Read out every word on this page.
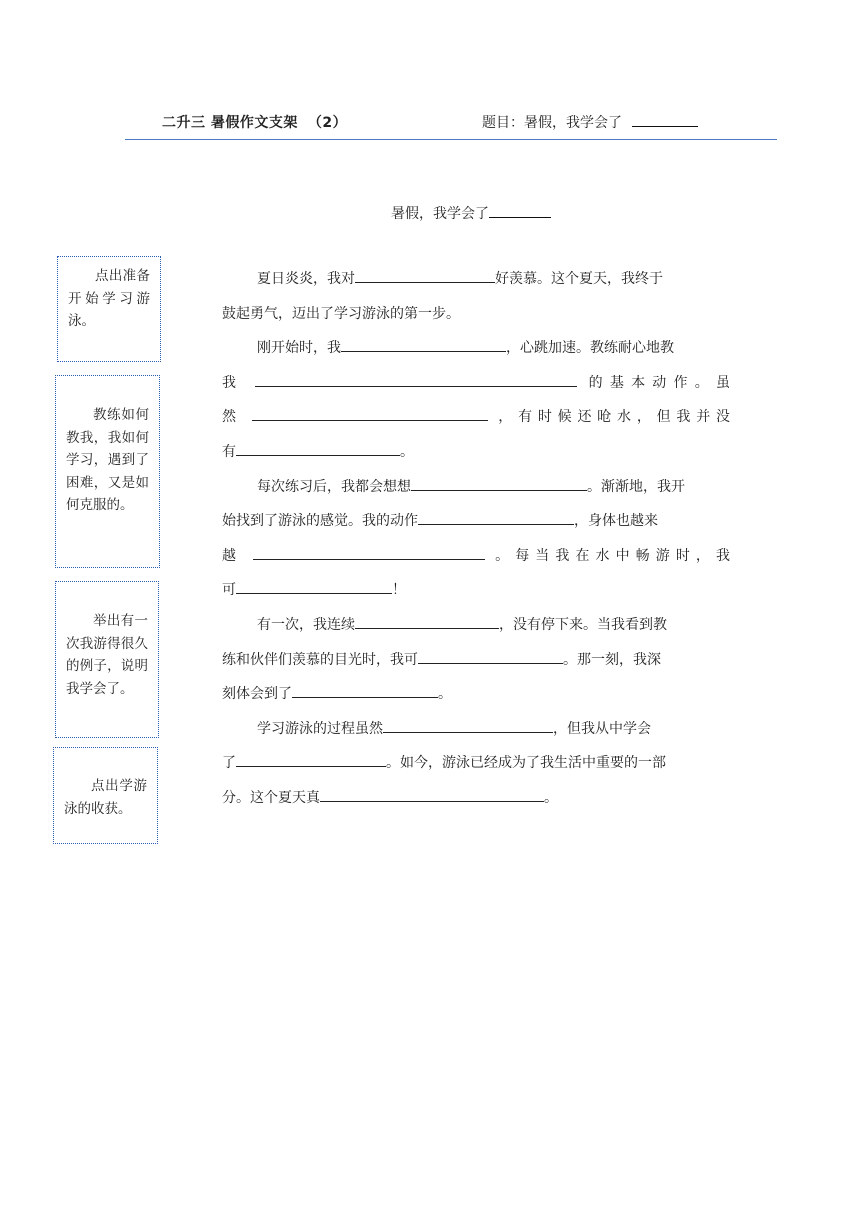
二升三 暑假作文支架 （2）	题目：暑假，我学会了
暑假，我学会了
点出准备开始学习游泳。
教练如何教我，我如何学习，遇到了困难，又是如何克服的。
举出有一次我游得很久的例子，说明我学会了。
点出学游泳的收获。
夏日炎炎，我对	好羡慕。这个夏天，我终于
鼓起勇气，迈出了学习游泳的第一步。
刚开始时，我	，心跳加速。教练耐心地教
我	的基本动作。虽
然	，有时候还呛水，但我并没
有	。
每次练习后，我都会想想	。渐渐地，我开
始找到了游泳的感觉。我的动作	，身体也越来
越	。每当我在水中畅游时，我
可	！
有一次，我连续	，没有停下来。当我看到教
练和伙伴们羡慕的目光时，我可	。那一刻，我深
刻体会到了	。
学习游泳的过程虽然	，但我从中学会
了	。如今，游泳已经成为了我生活中重要的一部
分。这个夏天真	。
